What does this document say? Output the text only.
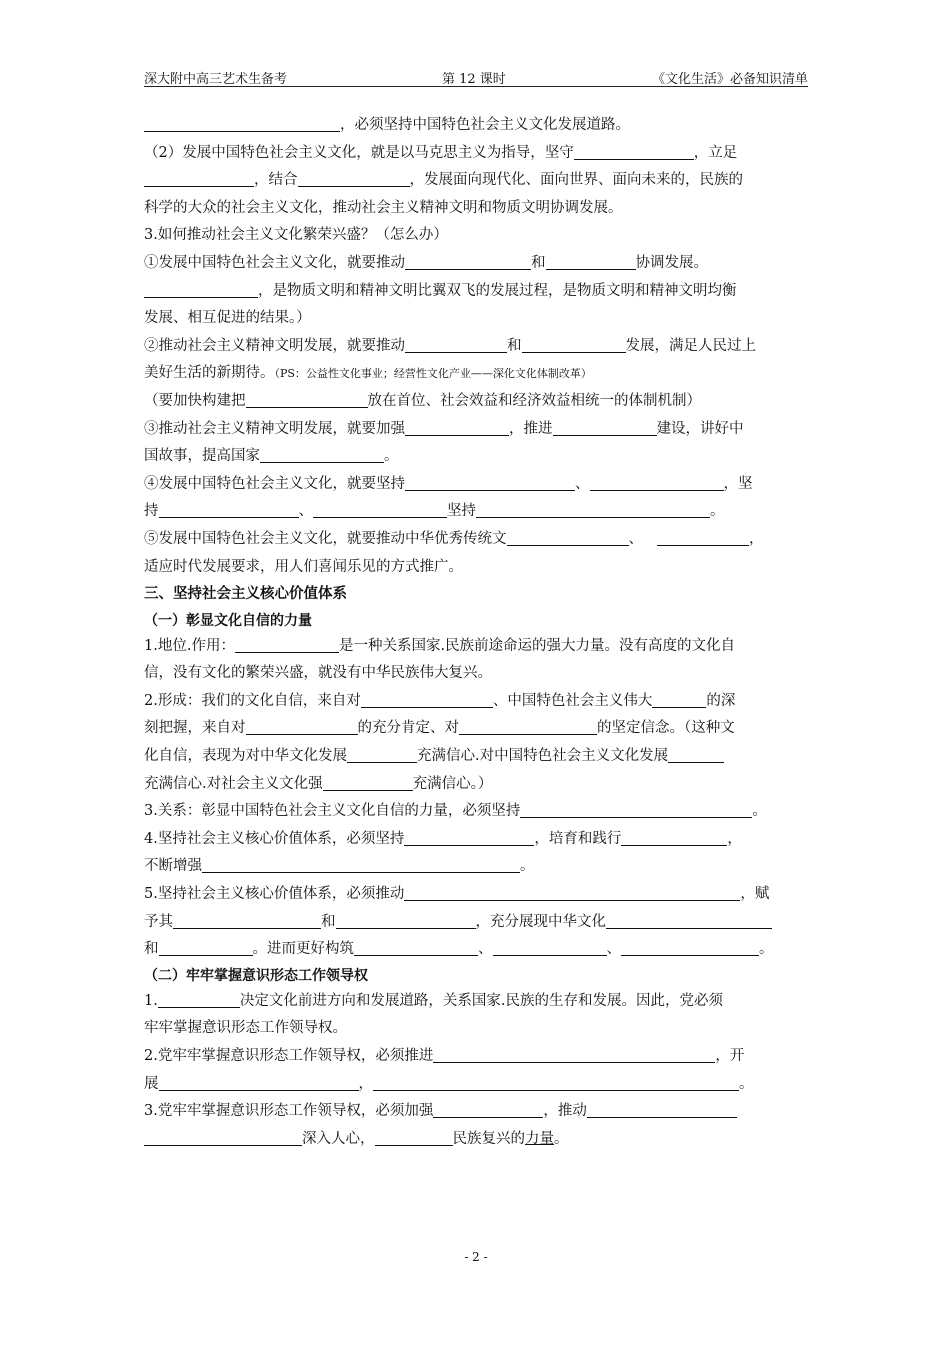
深大附中高三艺术生备考	第 12 课时	《文化生活》必备知识清单
，必须坚持中国特色社会主义文化发展道路。
（2）发展中国特色社会主义文化，就是以马克思主义为指导，坚守	，立足
，结合	，发展面向现代化、面向世界、面向未来的，民族的
科学的大众的社会主义文化，推动社会主义精神文明和物质文明协调发展。
3.如何推动社会主义文化繁荣兴盛？（怎么办）
①发展中国特色社会主义文化，就要推动	和	协调发展。
，是物质文明和精神文明比翼双飞的发展过程，是物质文明和精神文明均衡
发展、相互促进的结果。）
②推动社会主义精神文明发展，就要推动	和	发展，满足人民过上
美好生活的新期待。（PS：公益性文化事业；经营性文化产业——深化文化体制改革）
（要加快构建把	放在首位、社会效益和经济效益相统一的体制机制）
③推动社会主义精神文明发展，就要加强	，推进	建设，讲好中
国故事，提高国家	。
④发展中国特色社会主义文化，就要坚持	、	，坚
持	、	坚持	。
⑤发展中国特色社会主义文化，就要推动中华优秀传统文	、	，
适应时代发展要求，用人们喜闻乐见的方式推广。
三、坚持社会主义核心价值体系
（一）彰显文化自信的力量
1.地位.作用：	是一种关系国家.民族前途命运的强大力量。没有高度的文化自
信，没有文化的繁荣兴盛，就没有中华民族伟大复兴。
2.形成：我们的文化自信，来自对	、中国特色社会主义伟大	的深
刻把握，来自对	的充分肯定、对	的坚定信念。（这种文
化自信，表现为对中华文化发展	充满信心.对中国特色社会主义文化发展
充满信心.对社会主义文化强	充满信心。）
3.关系：彰显中国特色社会主义文化自信的力量，必须坚持	。
4.坚持社会主义核心价值体系，必须坚持	，培育和践行	，
不断增强	。
5.坚持社会主义核心价值体系，必须推动	，赋
予其	和	，充分展现中华文化
和	。进而更好构筑	、	、	。
（二）牢牢掌握意识形态工作领导权
1.	决定文化前进方向和发展道路，关系国家.民族的生存和发展。因此，党必须
牢牢掌握意识形态工作领导权。
2.党牢牢掌握意识形态工作领导权，必须推进	，开
展	，	。
3.党牢牢掌握意识形态工作领导权，必须加强	，推动
深入人心，	民族复兴的力量。
- 2 -
